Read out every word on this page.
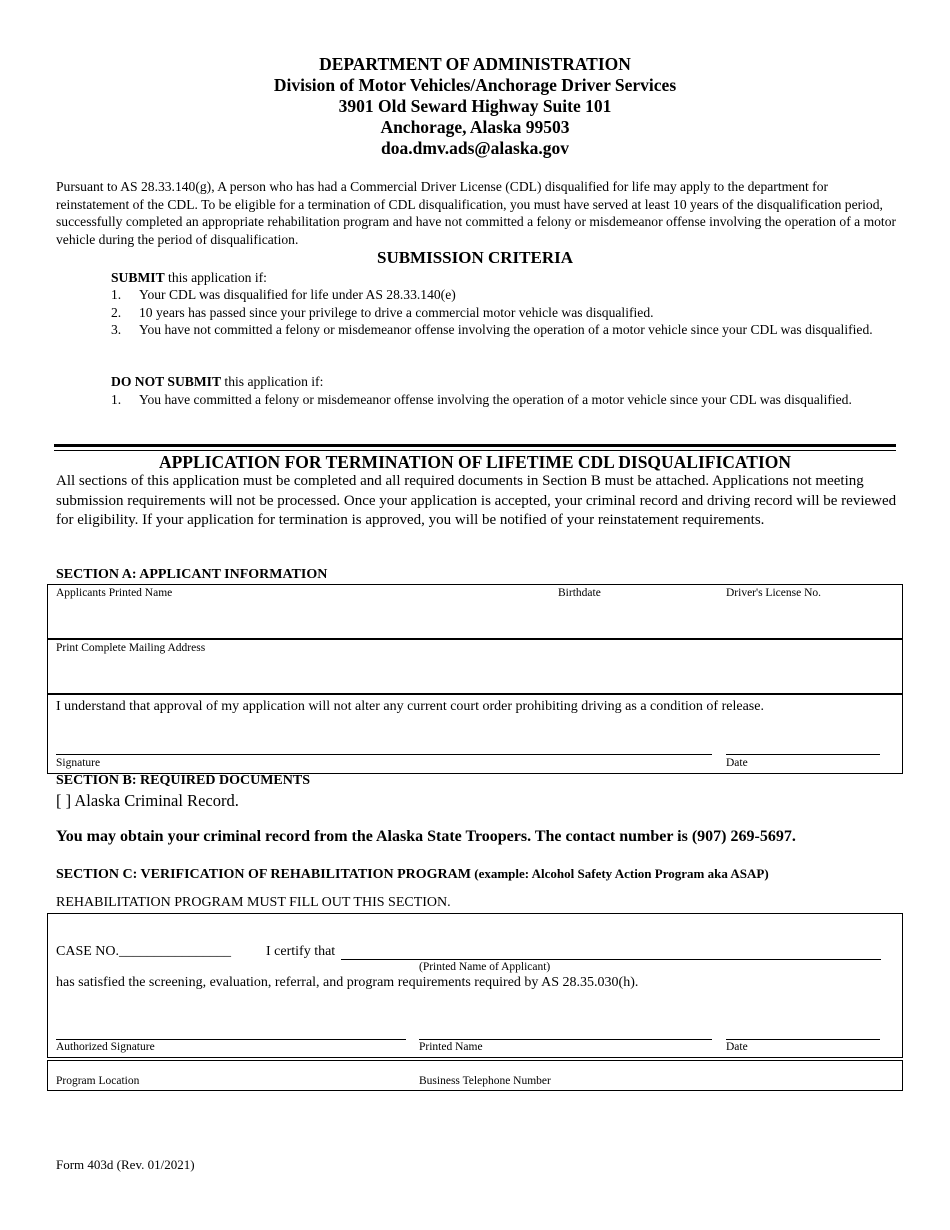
DEPARTMENT OF ADMINISTRATION
Division of Motor Vehicles/Anchorage Driver Services
3901 Old Seward Highway Suite 101
Anchorage, Alaska 99503
doa.dmv.ads@alaska.gov
Pursuant to AS 28.33.140(g), A person who has had a Commercial Driver License (CDL) disqualified for life may apply to the department for reinstatement of the CDL. To be eligible for a termination of CDL disqualification, you must have served at least 10 years of the disqualification period, successfully completed an appropriate rehabilitation program and have not committed a felony or misdemeanor offense involving the operation of a motor vehicle during the period of disqualification.
SUBMISSION CRITERIA
SUBMIT this application if:
1.	Your CDL was disqualified for life under AS 28.33.140(e)
2.	10 years has passed since your privilege to drive a commercial motor vehicle was disqualified.
3.	You have not committed a felony or misdemeanor offense involving the operation of a motor vehicle since your CDL was disqualified.
DO NOT SUBMIT this application if:
1.	You have committed a felony or misdemeanor offense involving the operation of a motor vehicle since your CDL was disqualified.
APPLICATION FOR TERMINATION OF LIFETIME CDL DISQUALIFICATION
All sections of this application must be completed and all required documents in Section B must be attached. Applications not meeting submission requirements will not be processed. Once your application is accepted, your criminal record and driving record will be reviewed for eligibility. If your application for termination is approved, you will be notified of your reinstatement requirements.
SECTION A: APPLICANT INFORMATION
Applicants Printed Name	Birthdate	Driver's License No.
Print Complete Mailing Address
I understand that approval of my application will not alter any current court order prohibiting driving as a condition of release.
Signature	Date
SECTION B: REQUIRED DOCUMENTS
[ ] Alaska Criminal Record.
You may obtain your criminal record from the Alaska State Troopers. The contact number is (907) 269-5697.
SECTION C: VERIFICATION OF REHABILITATION PROGRAM (example: Alcohol Safety Action Program aka ASAP)
REHABILITATION PROGRAM MUST FILL OUT THIS SECTION.
CASE NO.________________ I certify that
(Printed Name of Applicant)
has satisfied the screening, evaluation, referral, and program requirements required by AS 28.35.030(h).
Authorized Signature	Printed Name	Date
Program Location	Business Telephone Number
Form 403d (Rev. 01/2021)
